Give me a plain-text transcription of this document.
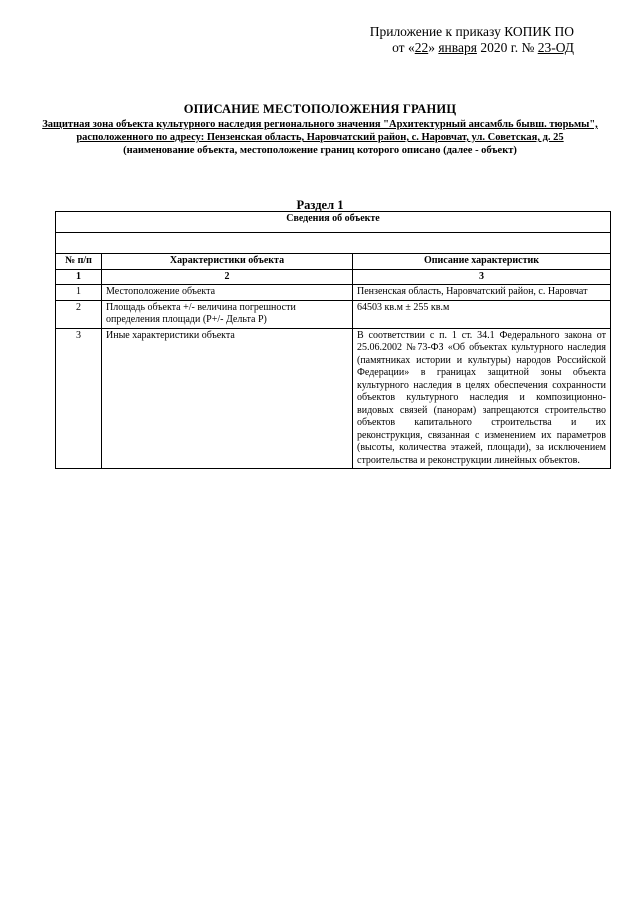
Приложение к приказу КОПИК ПО
от «22» января 2020 г. № 23-ОД
ОПИСАНИЕ МЕСТОПОЛОЖЕНИЯ ГРАНИЦ
Защитная зона объекта культурного наследия регионального значения "Архитектурный ансамбль бывш. тюрьмы", расположенного по адресу: Пензенская область, Наровчатский район, с. Наровчат, ул. Советская, д. 25
(наименование объекта, местоположение границ которого описано (далее - объект)
Раздел 1
Сведения об объекте		

№ п/п	Характеристики объекта	Описание характеристик
1	2	3
1	Местоположение объекта	Пензенская область, Наровчатский район, с. Наровчат
2	Площадь объекта +/- величина погрешности определения площади (Р+/- Дельта Р)	64503 кв.м ± 255 кв.м
3	Иные характеристики объекта	В соответствии с п. 1 ст. 34.1 Федерального закона от 25.06.2002 №73-ФЗ «Об объектах культурного наследия (памятниках истории и культуры) народов Российской Федерации» в границах защитной зоны объекта культурного наследия в целях обеспечения сохранности объектов культурного наследия и композиционно-видовых связей (панорам) запрещаются строительство объектов капитального строительства и их реконструкция, связанная с изменением их параметров (высоты, количества этажей, площади), за исключением строительства и реконструкции линейных объектов.
